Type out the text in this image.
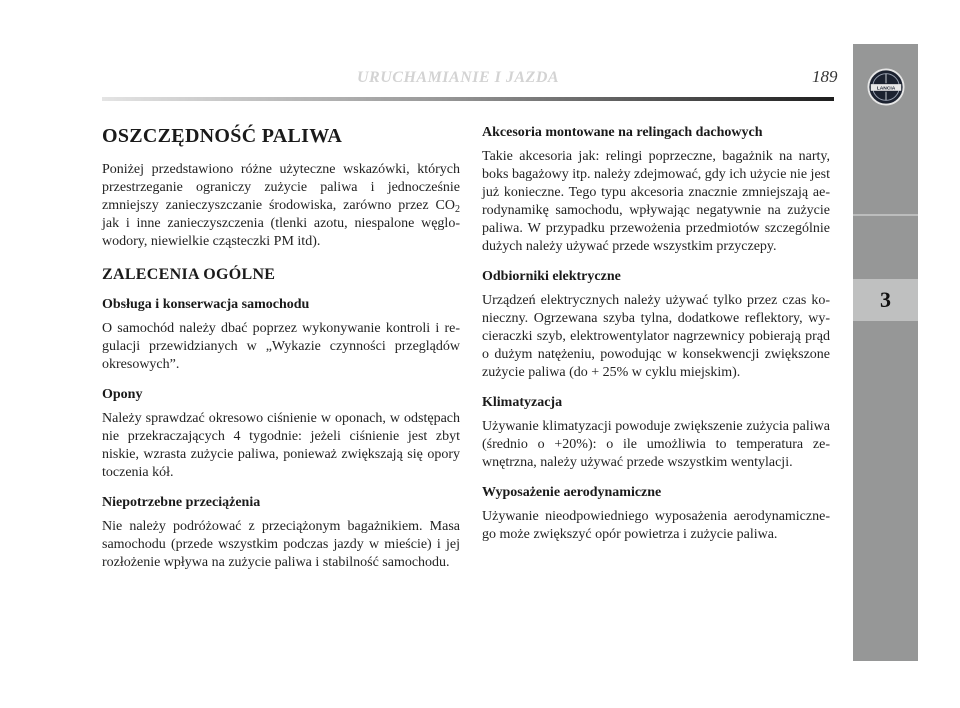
URUCHAMIANIE I JAZDA	189
LANCIA
3
OSZCZĘDNOŚĆ PALIWA

Poniżej przedstawiono różne użyteczne wskazówki, których przestrzeganie ograniczy zużycie paliwa i jednocześnie zmniejszy zanieczyszczanie środowiska, zarówno przez $CO_2$ jak i inne zanieczyszczenia (tlenki azotu, niespalone węglowodory, niewielkie cząsteczki PM itd).

ZALECENIA OGÓLNE
Obsługa i konserwacja samochodu

O samochód należy dbać poprzez wykonywanie kontroli i regulacji przewidzianych w „Wykazie czynności przeglądów okresowych”.

Opony

Należy sprawdzać okresowo ciśnienie w oponach, w odstępach nie przekraczających 4 tygodnie: jeżeli ciśnienie jest zbyt niskie, wzrasta zużycie paliwa, ponieważ zwiększają się opory toczenia kół.

Niepotrzebne przeciążenia

Nie należy podróżować z przeciążonym bagażnikiem. Masa samochodu (przede wszystkim podczas jazdy w mieście) i jej rozłożenie wpływa na zużycie paliwa i stabilność samochodu.

Akcesoria montowane na relingach dachowych

Takie akcesoria jak: relingi poprzeczne, bagażnik na narty, boks bagażowy itp. należy zdejmować, gdy ich użycie nie jest już konieczne. Tego typu akcesoria znacznie zmniejszają aerodynamikę samochodu, wpływając negatywnie na zużycie paliwa. W przypadku przewożenia przedmiotów szczególnie dużych należy używać przede wszystkim przyczepy.

Odbiorniki elektryczne

Urządzeń elektrycznych należy używać tylko przez czas konieczny. Ogrzewana szyba tylna, dodatkowe reflektory, wycieraczki szyb, elektrowentylator nagrzewnicy pobierają prąd o dużym natężeniu, powodując w konsekwencji zwiększone zużycie paliwa (do + 25% w cyklu miejskim).

Klimatyzacja

Używanie klimatyzacji powoduje zwiększenie zużycia paliwa (średnio o +20%): o ile umożliwia to temperatura zewnętrzna, należy używać przede wszystkim wentylacji.

Wyposażenie aerodynamiczne

Używanie nieodpowiedniego wyposażenia aerodynamicznego może zwiększyć opór powietrza i zużycie paliwa.
